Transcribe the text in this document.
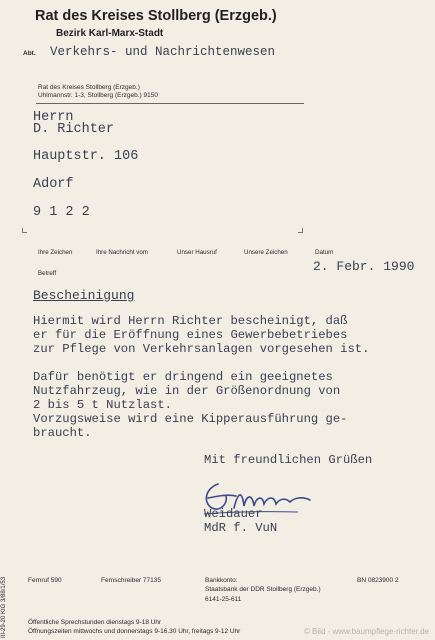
Rat des Kreises Stollberg (Erzgeb.)
Bezirk Karl-Marx-Stadt
Abt. Verkehrs- und Nachrichtenwesen
Rat des Kreises Stollberg (Erzgeb.)
Uhlmannstr. 1-3, Stollberg (Erzgeb.) 9150
Herrn
D. Richter
Hauptstr. 106
Adorf
9 1 2 2
Ihre Zeichen	Ihre Nachricht vom	Unser Hausruf	Unsere Zeichen	Datum
Betreff	2. Febr. 1990
Bescheinigung
Hiermit wird Herrn Richter bescheinigt, daß
er für die Eröffnung eines Gewerbebetriebes
zur Pflege von Verkehrsanlagen vorgesehen ist.
Dafür benötigt er dringend ein geeignetes
Nutzfahrzeug, wie in der Größenordnung von
2 bis 5 t Nutzlast.
Vorzugsweise wird eine Kipperausführung ge-
braucht.
Mit freundlichen Grüßen
Weidauer
MdR f. VuN
Fernruf 590	Fernschreiber 77135	Bankkonto:
Staatsbank der DDR Stollberg (Erzgeb.)
6141-25-611
BN 0823900 2
Öffentliche Sprechstunden dienstags 9-18 Uhr
Öffnungszeiten mittwochs und donnerstags 9-16.30 Uhr, freitags 9-12 Uhr
III-29-20 KIG 3/88/1/53	© Bild - www.baumpflege-richter.de
